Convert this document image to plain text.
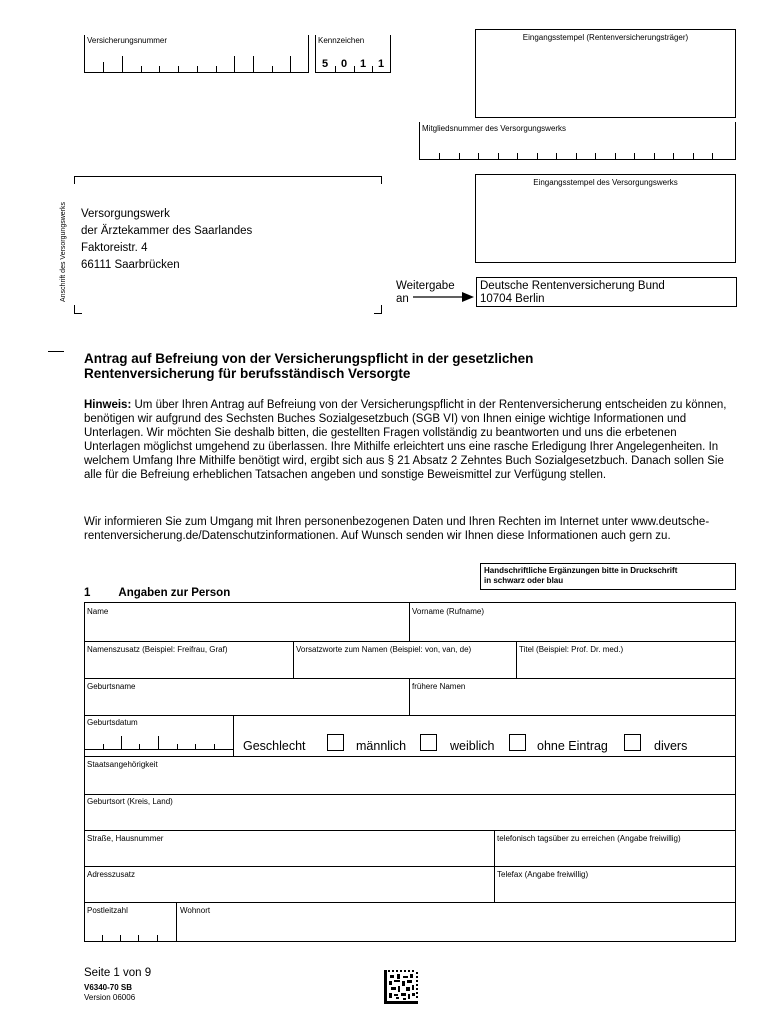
Versicherungsnummer	Kennzeichen
5 0 1 1
Eingangsstempel (Rentenversicherungsträger)
Mitgliedsnummer des Versorgungswerks
Eingangsstempel des Versorgungswerks
Anschrift des Versorgungswerks Versorgungswerk
der Ärztekammer des Saarlandes
Faktoreistr. 4
66111 Saarbrücken
Weitergabe
an
Deutsche Rentenversicherung Bund
10704 Berlin
Antrag auf Befreiung von der Versicherungspflicht in der gesetzlichen
Rentenversicherung für berufsständisch Versorgte

Hinweis: Um über Ihren Antrag auf Befreiung von der Versicherungspflicht in der Rentenversicherung entscheiden zu können, benötigen wir aufgrund des Sechsten Buches Sozialgesetzbuch (SGB VI) von Ihnen einige wichtige Informationen und Unterlagen. Wir möchten Sie deshalb bitten, die gestellten Fragen vollständig zu beantworten und uns die erbetenen Unterlagen möglichst umgehend zu überlassen. Ihre Mithilfe erleichtert uns eine rasche Erledigung Ihrer Angelegenheiten. In welchem Umfang Ihre Mithilfe benötigt wird, ergibt sich aus § 21 Absatz 2 Zehntes Buch Sozialgesetzbuch. Danach sollen Sie alle für die Befreiung erheblichen Tatsachen angeben und sonstige Beweismittel zur Verfügung stellen.

Wir informieren Sie zum Umgang mit Ihren personenbezogenen Daten und Ihren Rechten im Internet unter www.deutsche-rentenversicherung.de/Datenschutzinformationen. Auf Wunsch senden wir Ihnen diese Informationen auch gern zu.

Handschriftliche Ergänzungen bitte in Druckschrift
in schwarz oder blau
1 Angaben zur Person
Name	Vorname (Rufname)
Namenszusatz (Beispiel: Freifrau, Graf)	Vorsatzworte zum Namen (Beispiel: von, van, de)	Titel (Beispiel: Prof. Dr. med.)
Geburtsname	frühere Namen
Geburtsdatum
Geschlecht	männlich	weiblich	ohne Eintrag	divers
Staatsangehörigkeit
Geburtsort (Kreis, Land)
Straße, Hausnummer	telefonisch tagsüber zu erreichen (Angabe freiwillig)
Adresszusatz	Telefax (Angabe freiwillig)
Postleitzahl	Wohnort
Seite 1 von 9
V6340-70 SB
Version 06006
